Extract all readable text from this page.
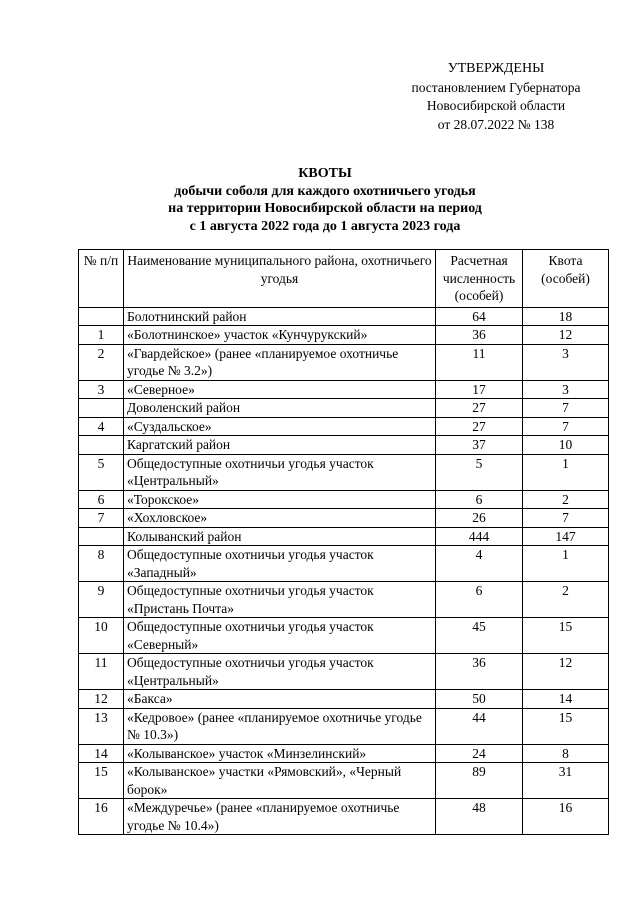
УТВЕРЖДЕНЫ
постановлением Губернатора
Новосибирской области
от 28.07.2022 № 138
КВОТЫ
добычи соболя для каждого охотничьего угодья
на территории Новосибирской области на период
с 1 августа 2022 года до 1 августа 2023 года
№ п/п	Наименование муниципального района, охотничьего угодья	Расчетная численность (особей)	Квота (особей)
	Болотнинский район	64	18
1	«Болотнинское» участок «Кунчурукский»	36	12
2	«Гвардейское» (ранее «планируемое охотничье угодье № 3.2»)	11	3
3	«Северное»	17	3
	Доволенский район	27	7
4	«Суздальское»	27	7
	Каргатский район	37	10
5	Общедоступные охотничьи угодья участок «Центральный»	5	1
6	«Торокское»	6	2
7	«Хохловское»	26	7
	Колыванский район	444	147
8	Общедоступные охотничьи угодья участок «Западный»	4	1
9	Общедоступные охотничьи угодья участок «Пристань Почта»	6	2
10	Общедоступные охотничьи угодья участок «Северный»	45	15
11	Общедоступные охотничьи угодья участок «Центральный»	36	12
12	«Бакса»	50	14
13	«Кедровое» (ранее «планируемое охотничье угодье № 10.3»)	44	15
14	«Колыванское» участок «Минзелинский»	24	8
15	«Колыванское» участки «Рямовский», «Черный борок»	89	31
16	«Междуречье» (ранее «планируемое охотничье угодье № 10.4»)	48	16
